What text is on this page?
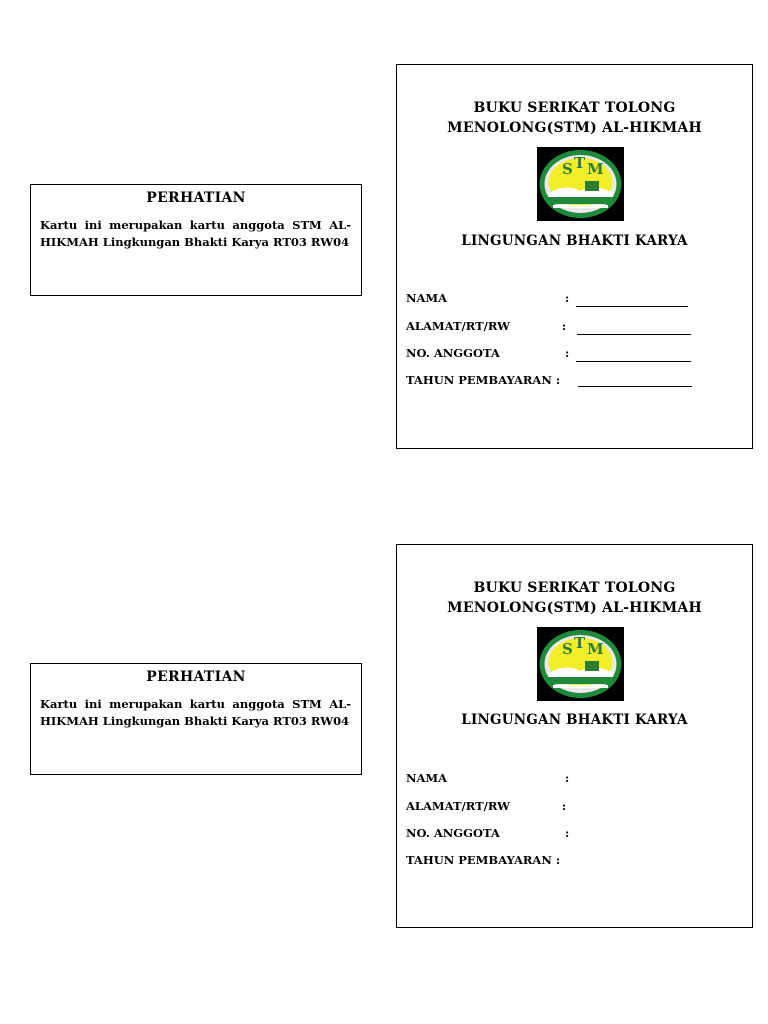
PERHATIAN
Kartu ini merupakan kartu anggota STM AL-HIKMAH Lingkungan Bhakti Karya RT03 RW04
BUKU SERIKAT TOLONG
MENOLONG(STM) AL-HIKMAH
S T M
LINGUNGAN BHAKTI KARYA
NAMA	:
ALAMAT/RT/RW	:
NO. ANGGOTA	:
TAHUN PEMBAYARAN :
PERHATIAN
Kartu ini merupakan kartu anggota STM AL-HIKMAH Lingkungan Bhakti Karya RT03 RW04
BUKU SERIKAT TOLONG
MENOLONG(STM) AL-HIKMAH
S T M
LINGUNGAN BHAKTI KARYA
NAMA	:
ALAMAT/RT/RW	:
NO. ANGGOTA	:
TAHUN PEMBAYARAN :
